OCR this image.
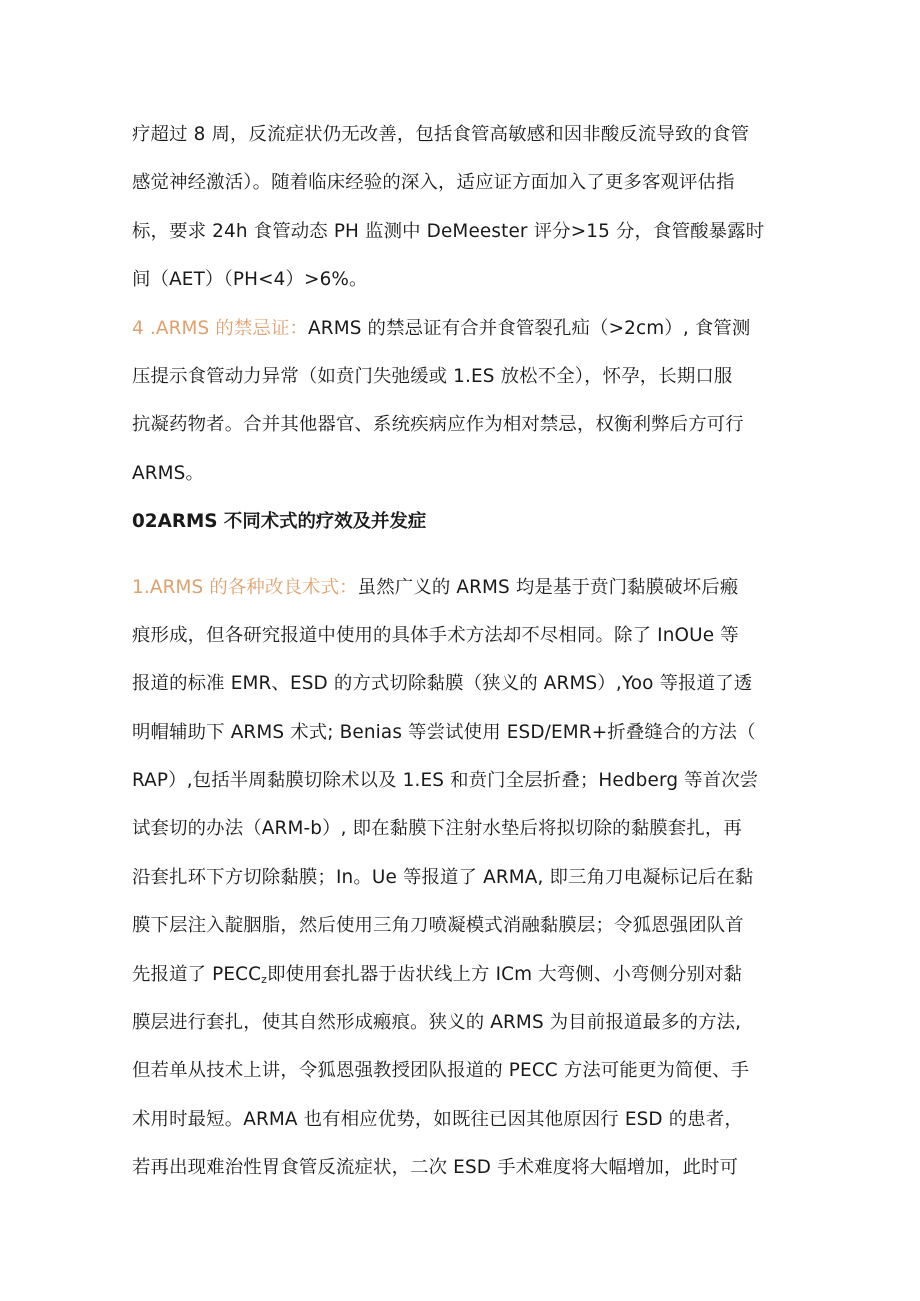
疗超过 8 周，反流症状仍无改善，包括食管高敏感和因非酸反流导致的食管
感觉神经激活）。随着临床经验的深入，适应证方面加入了更多客观评估指
标，要求 24h 食管动态 PH 监测中 DeMeester 评分>15 分，食管酸暴露时
间（AET）（PH<4）>6%。

4 .ARMS 的禁忌证：ARMS 的禁忌证有合并食管裂孔疝（>2cm）, 食管测
压提示食管动力异常（如贲门失弛缓或 1.ES 放松不全），怀孕，长期口服
抗凝药物者。合并其他器官、系统疾病应作为相对禁忌，权衡利弊后方可行
ARMS。

02ARMS 不同术式的疗效及并发症

1.ARMS 的各种改良术式：虽然广义的 ARMS 均是基于贲门黏膜破坏后瘢
痕形成，但各研究报道中使用的具体手术方法却不尽相同。除了 InOUe 等
报道的标准 EMR、ESD 的方式切除黏膜（狭义的 ARMS）,Yoo 等报道了透
明帽辅助下 ARMS 术式; Benias 等尝试使用 ESD∕EMR+折叠缝合的方法（
RAP）,包括半周黏膜切除术以及 1.ES 和贲门全层折叠；Hedberg 等首次尝
试套切的办法（ARM-b）, 即在黏膜下注射水垫后将拟切除的黏膜套扎，再
沿套扎环下方切除黏膜；In。Ue 等报道了 ARMA, 即三角刀电凝标记后在黏
膜下层注入靛胭脂，然后使用三角刀喷凝模式消融黏膜层；令狐恩强团队首
先报道了 $PECC_z$即使用套扎器于齿状线上方 ICm 大弯侧、小弯侧分别对黏
膜层进行套扎，使其自然形成瘢痕。狭义的 ARMS 为目前报道最多的方法,
但若单从技术上讲，令狐恩强教授团队报道的 PECC 方法可能更为简便、手
术用时最短。ARMA 也有相应优势，如既往已因其他原因行 ESD 的患者，
若再出现难治性胃食管反流症状，二次 ESD 手术难度将大幅增加，此时可
